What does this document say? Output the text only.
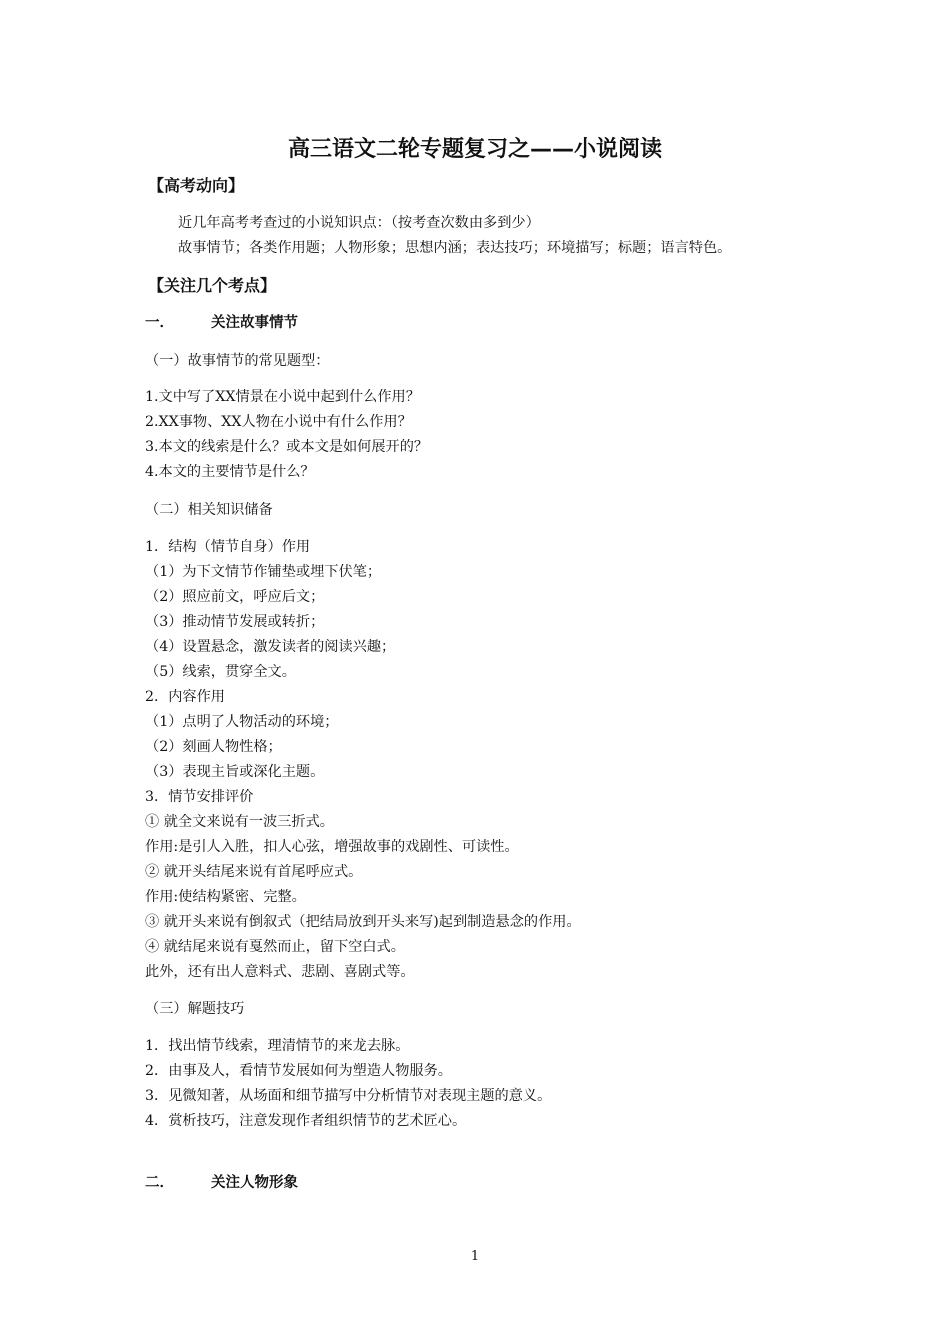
高三语文二轮专题复习之——小说阅读

【高考动向】

近几年高考考查过的小说知识点：（按考查次数由多到少）

故事情节；各类作用题；人物形象；思想内涵；表达技巧；环境描写；标题；语言特色。

【关注几个考点】

一．	关注故事情节

（一）故事情节的常见题型：

1.文中写了XX情景在小说中起到什么作用？

2.XX事物、XX人物在小说中有什么作用？

3.本文的线索是什么？或本文是如何展开的？

4.本文的主要情节是什么？

（二）相关知识储备

1．结构（情节自身）作用

（1）为下文情节作铺垫或埋下伏笔；

（2）照应前文，呼应后文；

（3）推动情节发展或转折；

（4）设置悬念，激发读者的阅读兴趣；

（5）线索，贯穿全文。

2．内容作用

（1）点明了人物活动的环境；

（2）刻画人物性格；

（3）表现主旨或深化主题。

3．情节安排评价

① 就全文来说有一波三折式。

作用:是引人入胜，扣人心弦，增强故事的戏剧性、可读性。

② 就开头结尾来说有首尾呼应式。

作用:使结构紧密、完整。

③ 就开头来说有倒叙式（把结局放到开头来写)起到制造悬念的作用。

④ 就结尾来说有戛然而止，留下空白式。

此外，还有出人意料式、悲剧、喜剧式等。

（三）解题技巧

1．找出情节线索，理清情节的来龙去脉。

2．由事及人，看情节发展如何为塑造人物服务。

3．见微知著，从场面和细节描写中分析情节对表现主题的意义。

4．赏析技巧，注意发现作者组织情节的艺术匠心。

二．	关注人物形象

1
